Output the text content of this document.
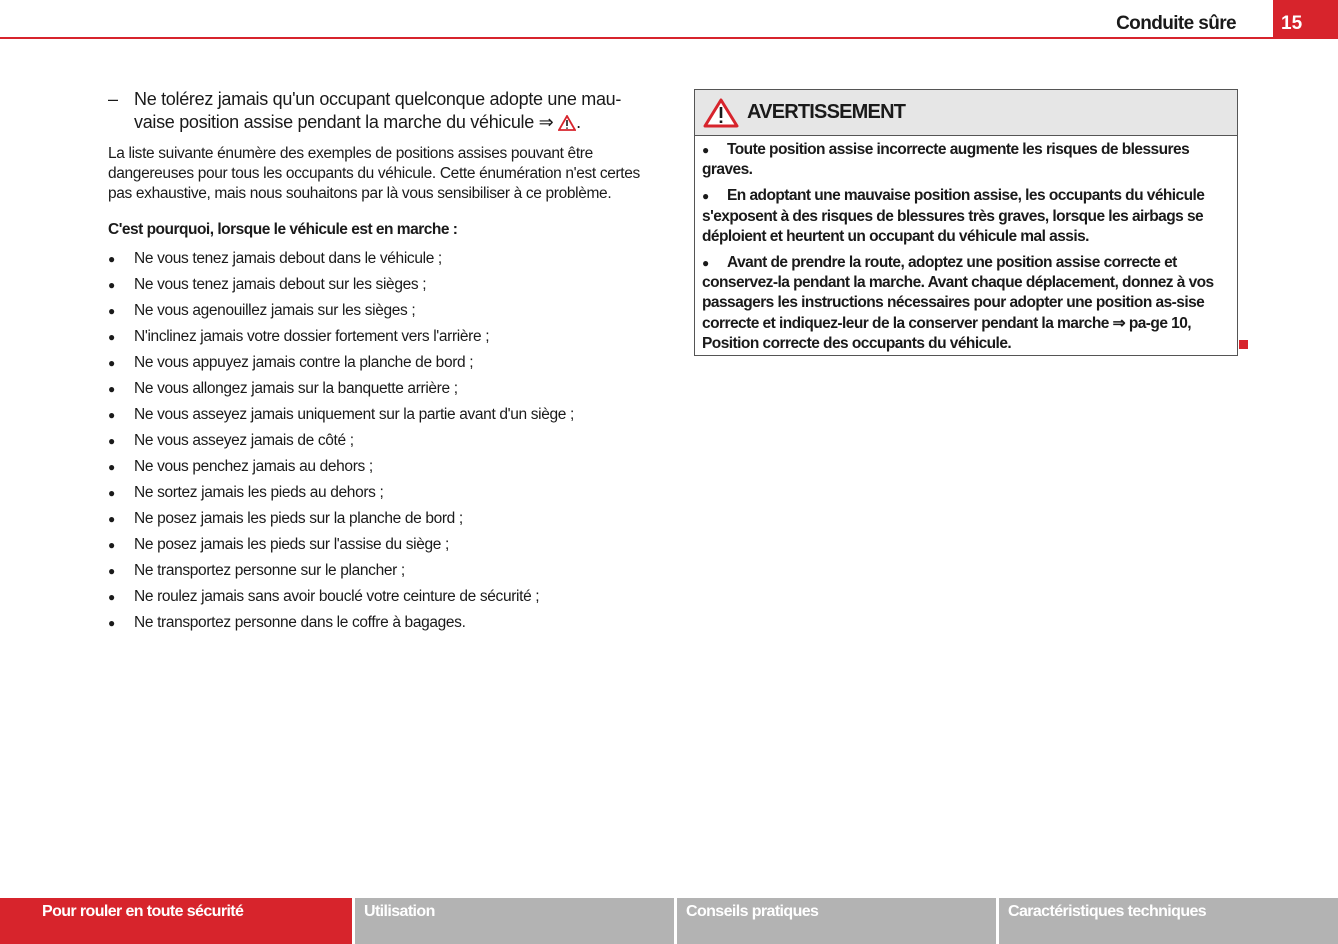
Conduite sûre	15
– Ne tolérez jamais qu'un occupant quelconque adopte une mau-vaise position assise pendant la marche du véhicule ⇒ .

La liste suivante énumère des exemples de positions assises pouvant être dangereuses pour tous les occupants du véhicule. Cette énumération n'est certes pas exhaustive, mais nous souhaitons par là vous sensibiliser à ce problème.

C'est pourquoi, lorsque le véhicule est en marche :

● Ne vous tenez jamais debout dans le véhicule ;
● Ne vous tenez jamais debout sur les sièges ;
● Ne vous agenouillez jamais sur les sièges ;
● N'inclinez jamais votre dossier fortement vers l'arrière ;
● Ne vous appuyez jamais contre la planche de bord ;
● Ne vous allongez jamais sur la banquette arrière ;
● Ne vous asseyez jamais uniquement sur la partie avant d'un siège ;
● Ne vous asseyez jamais de côté ;
● Ne vous penchez jamais au dehors ;
● Ne sortez jamais les pieds au dehors ;
● Ne posez jamais les pieds sur la planche de bord ;
● Ne posez jamais les pieds sur l'assise du siège ;
● Ne transportez personne sur le plancher ;
● Ne roulez jamais sans avoir bouclé votre ceinture de sécurité ;
● Ne transportez personne dans le coffre à bagages.
AVERTISSEMENT

● Toute position assise incorrecte augmente les risques de blessures graves.

● En adoptant une mauvaise position assise, les occupants du véhicule s'exposent à des risques de blessures très graves, lorsque les airbags se déploient et heurtent un occupant du véhicule mal assis.

● Avant de prendre la route, adoptez une position assise correcte et conservez-la pendant la marche. Avant chaque déplacement, donnez à vos passagers les instructions nécessaires pour adopter une position as-sise correcte et indiquez-leur de la conserver pendant la marche ⇒ pa-ge 10, Position correcte des occupants du véhicule.

Pour rouler en toute sécurité	Utilisation	Conseils pratiques	Caractéristiques techniques
